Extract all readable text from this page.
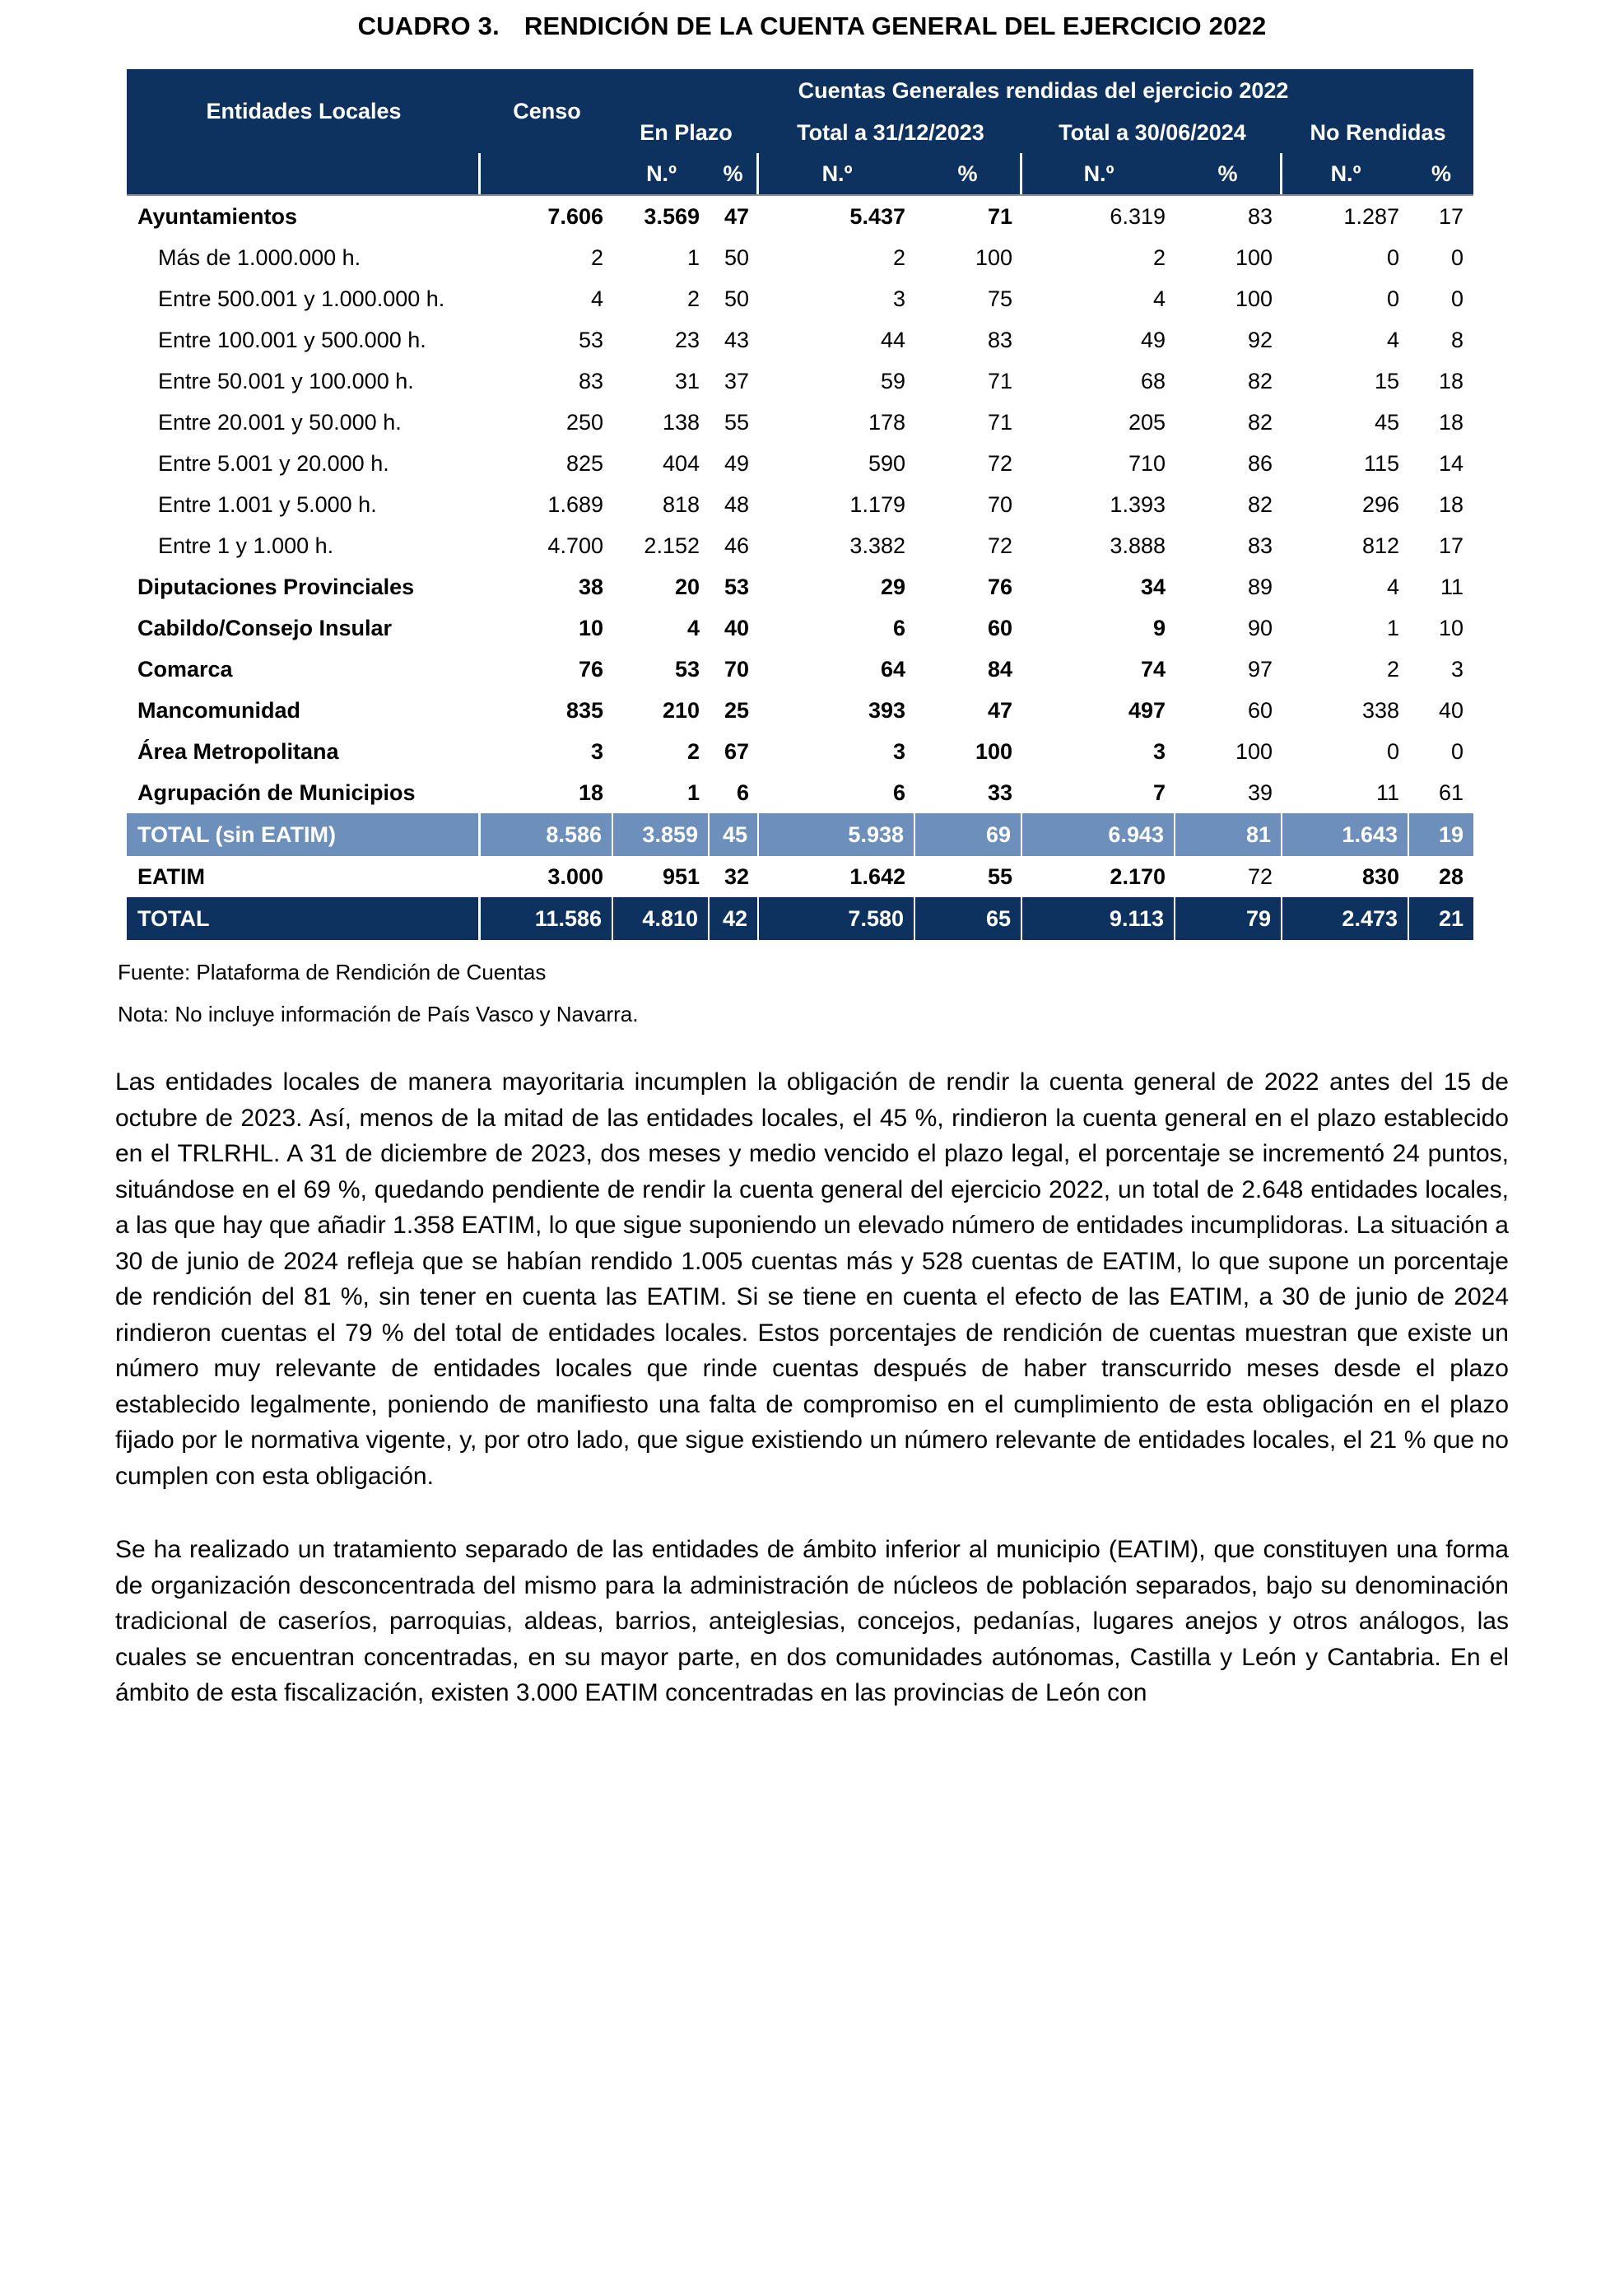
CUADRO 3. RENDICIÓN DE LA CUENTA GENERAL DEL EJERCICIO 2022
Entidades Locales	Censo	Cuentas Generales rendidas del ejercicio 2022							
		En Plazo		Total a 31/12/2023		Total a 30/06/2024		No Rendidas	
		N.º	%	N.º	%	N.º	%	N.º	%
Ayuntamientos	7.606	3.569	47	5.437	71	6.319	83	1.287	17
Más de 1.000.000 h.	2	1	50	2	100	2	100	0	0
Entre 500.001 y 1.000.000 h.	4	2	50	3	75	4	100	0	0
Entre 100.001 y 500.000 h.	53	23	43	44	83	49	92	4	8
Entre 50.001 y 100.000 h.	83	31	37	59	71	68	82	15	18
Entre 20.001 y 50.000 h.	250	138	55	178	71	205	82	45	18
Entre 5.001 y 20.000 h.	825	404	49	590	72	710	86	115	14
Entre 1.001 y 5.000 h.	1.689	818	48	1.179	70	1.393	82	296	18
Entre 1 y 1.000 h.	4.700	2.152	46	3.382	72	3.888	83	812	17
Diputaciones Provinciales	38	20	53	29	76	34	89	4	11
Cabildo/Consejo Insular	10	4	40	6	60	9	90	1	10
Comarca	76	53	70	64	84	74	97	2	3
Mancomunidad	835	210	25	393	47	497	60	338	40
Área Metropolitana	3	2	67	3	100	3	100	0	0
Agrupación de Municipios	18	1	6	6	33	7	39	11	61
TOTAL (sin EATIM)	8.586	3.859	45	5.938	69	6.943	81	1.643	19
EATIM	3.000	951	32	1.642	55	2.170	72	830	28
TOTAL	11.586	4.810	42	7.580	65	9.113	79	2.473	21
Fuente: Plataforma de Rendición de Cuentas
Nota: No incluye información de País Vasco y Navarra.

Las entidades locales de manera mayoritaria incumplen la obligación de rendir la cuenta general de 2022 antes del 15 de octubre de 2023. Así, menos de la mitad de las entidades locales, el 45 %, rindieron la cuenta general en el plazo establecido en el TRLRHL. A 31 de diciembre de 2023, dos meses y medio vencido el plazo legal, el porcentaje se incrementó 24 puntos, situándose en el 69 %, quedando pendiente de rendir la cuenta general del ejercicio 2022, un total de 2.648 entidades locales, a las que hay que añadir 1.358 EATIM, lo que sigue suponiendo un elevado número de entidades incumplidoras. La situación a 30 de junio de 2024 refleja que se habían rendido 1.005 cuentas más y 528 cuentas de EATIM, lo que supone un porcentaje de rendición del 81 %, sin tener en cuenta las EATIM. Si se tiene en cuenta el efecto de las EATIM, a 30 de junio de 2024 rindieron cuentas el 79 % del total de entidades locales. Estos porcentajes de rendición de cuentas muestran que existe un número muy relevante de entidades locales que rinde cuentas después de haber transcurrido meses desde el plazo establecido legalmente, poniendo de manifiesto una falta de compromiso en el cumplimiento de esta obligación en el plazo fijado por le normativa vigente, y, por otro lado, que sigue existiendo un número relevante de entidades locales, el 21 % que no cumplen con esta obligación.

Se ha realizado un tratamiento separado de las entidades de ámbito inferior al municipio (EATIM), que constituyen una forma de organización desconcentrada del mismo para la administración de núcleos de población separados, bajo su denominación tradicional de caseríos, parroquias, aldeas, barrios, anteiglesias, concejos, pedanías, lugares anejos y otros análogos, las cuales se encuentran concentradas, en su mayor parte, en dos comunidades autónomas, Castilla y León y Cantabria. En el ámbito de esta fiscalización, existen 3.000 EATIM concentradas en las provincias de León con
